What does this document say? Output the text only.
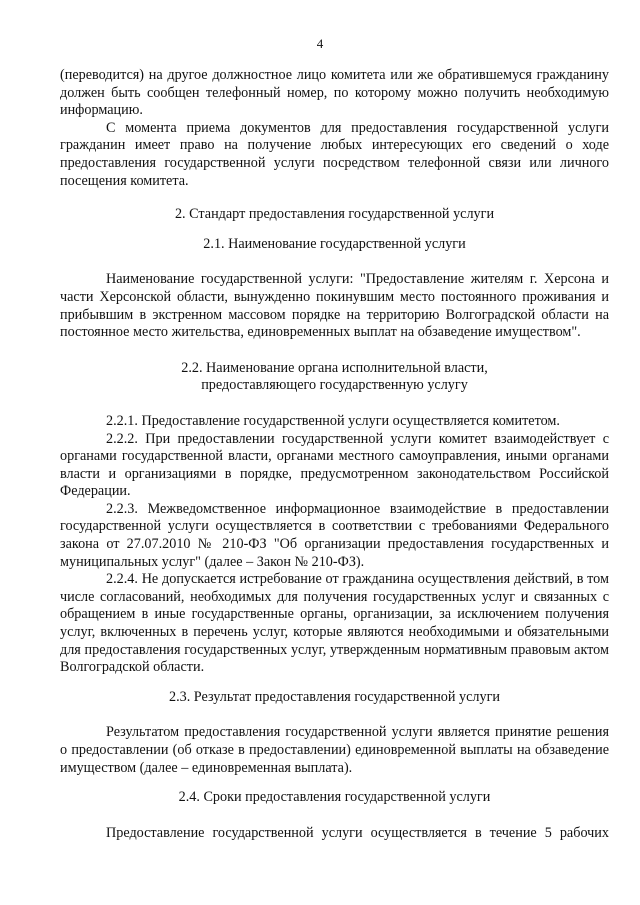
4

(переводится) на другое должностное лицо комитета или же обратившемуся гражданину должен быть сообщен телефонный номер, по которому можно получить необходимую информацию.

С момента приема документов для предоставления государственной услуги гражданин имеет право на получение любых интересующих его сведений о ходе предоставления государственной услуги посредством телефонной связи или личного посещения комитета.

2. Стандарт предоставления государственной услуги

2.1. Наименование государственной услуги

Наименование государственной услуги: "Предоставление жителям г. Херсона и части Херсонской области, вынужденно покинувшим место постоянного проживания и прибывшим в экстренном массовом порядке на территорию Волгоградской области на постоянное место жительства, единовременных выплат на обзаведение имуществом".

2.2. Наименование органа исполнительной власти,

предоставляющего государственную услугу

2.2.1. Предоставление государственной услуги осуществляется комитетом.

2.2.2. При предоставлении государственной услуги комитет взаимодействует с органами государственной власти, органами местного самоуправления, иными органами власти и организациями в порядке, предусмотренном законодательством Российской Федерации.

2.2.3. Межведомственное информационное взаимодействие в предоставлении государственной услуги осуществляется в соответствии с требованиями Федерального закона от 27.07.2010 № 210-ФЗ "Об организации предоставления государственных и муниципальных услуг" (далее – Закон № 210-ФЗ).

2.2.4. Не допускается истребование от гражданина осуществления действий, в том числе согласований, необходимых для получения государственных услуг и связанных с обращением в иные государственные органы, организации, за исключением получения услуг, включенных в перечень услуг, которые являются необходимыми и обязательными для предоставления государственных услуг, утвержденным нормативным правовым актом Волгоградской области.

2.3. Результат предоставления государственной услуги

Результатом предоставления государственной услуги является принятие решения о предоставлении (об отказе в предоставлении) единовременной выплаты на обзаведение имуществом (далее – единовременная выплата).

2.4. Сроки предоставления государственной услуги

Предоставление государственной услуги осуществляется в течение 5 рабочих
